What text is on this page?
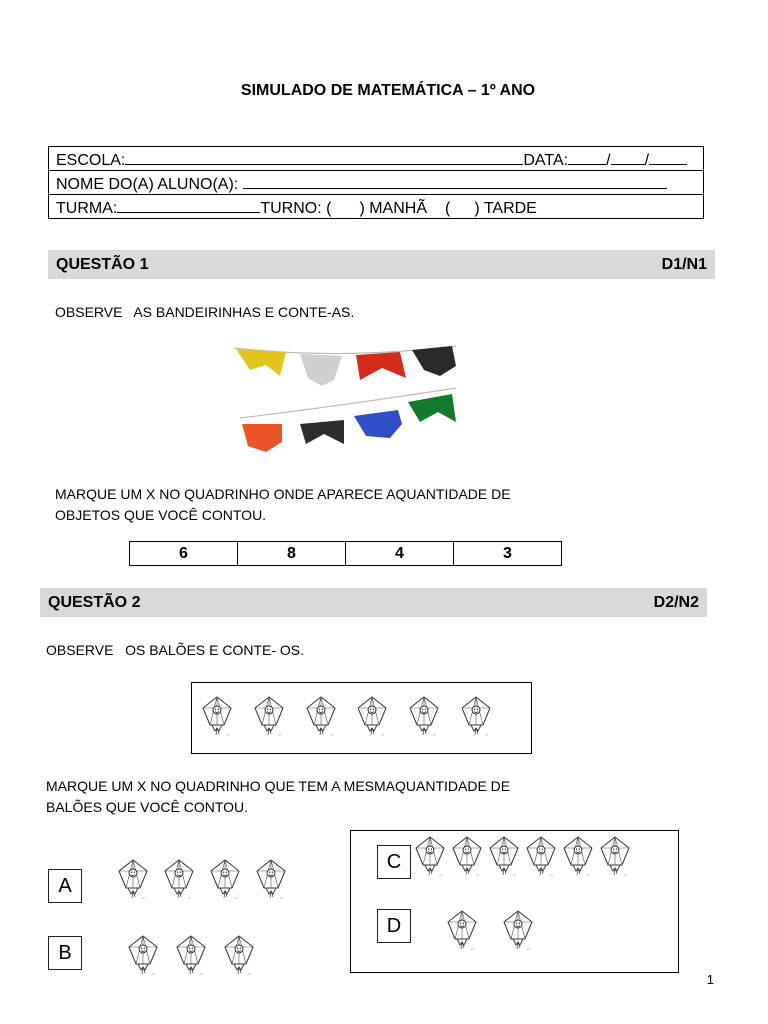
SIMULADO DE MATEMÁTICA – 1º ANO
ESCOLA:	DATA: / /
NOME DO(A) ALUNO(A):
TURMA:	TURNO: ( ) MANHÃ ( ) TARDE
QUESTÃO 1	D1/N1
OBSERVE   AS BANDEIRINHAS E CONTE-AS.
MARQUE UM X NO QUADRINHO ONDE APARECE AQUANTIDADE DE
OBJETOS QUE VOCÊ CONTOU.
6	8	4	3
QUESTÃO 2	D2/N2
OBSERVE   OS BALÕES E CONTE- OS.
MARQUE UM X NO QUADRINHO QUE TEM A MESMAQUANTIDADE DE
BALÕES QUE VOCÊ CONTOU.
A
B
C
D
1
